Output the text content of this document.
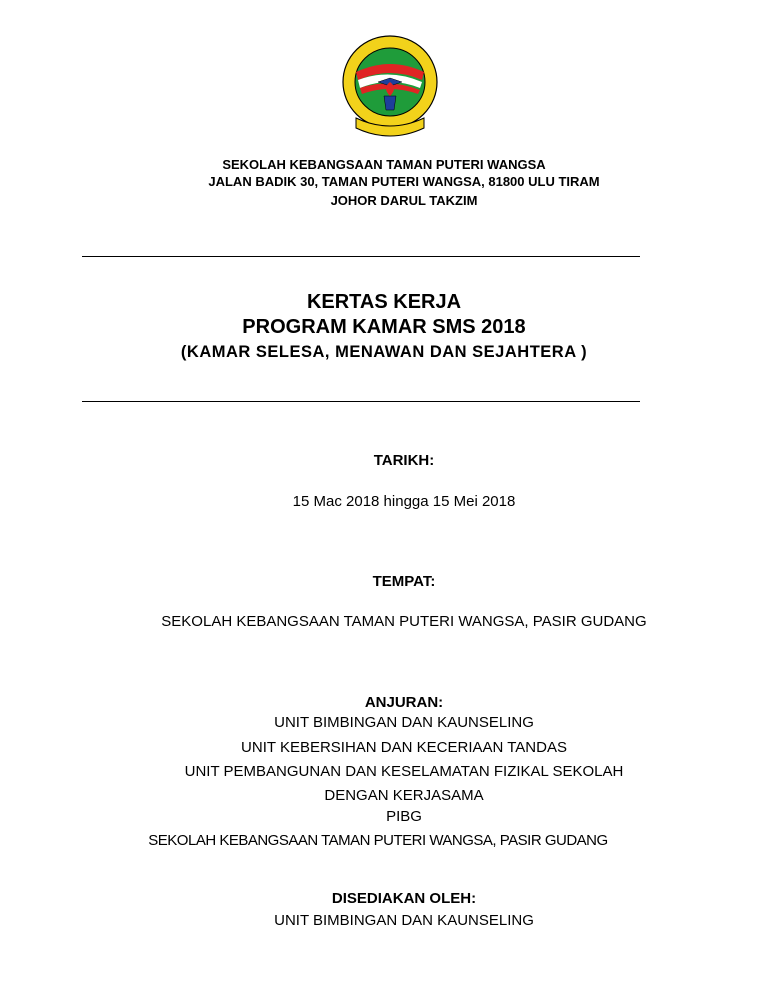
SEKOLAH KEBANGSAAN TAMAN PUTERI WANGSA
JALAN BADIK 30, TAMAN PUTERI WANGSA, 81800 ULU TIRAM
JOHOR DARUL TAKZIM
KERTAS KERJA
PROGRAM KAMAR SMS 2018
(KAMAR SELESA, MENAWAN DAN SEJAHTERA )
TARIKH:
15 Mac 2018 hingga 15 Mei 2018
TEMPAT:
SEKOLAH KEBANGSAAN TAMAN PUTERI WANGSA, PASIR GUDANG
ANJURAN:
UNIT BIMBINGAN DAN KAUNSELING
UNIT KEBERSIHAN DAN KECERIAAN TANDAS
UNIT PEMBANGUNAN DAN KESELAMATAN FIZIKAL SEKOLAH
DENGAN KERJASAMA
PIBG
SEKOLAH KEBANGSAAN TAMAN PUTERI WANGSA, PASIR GUDANG
DISEDIAKAN OLEH:
UNIT BIMBINGAN DAN KAUNSELING
